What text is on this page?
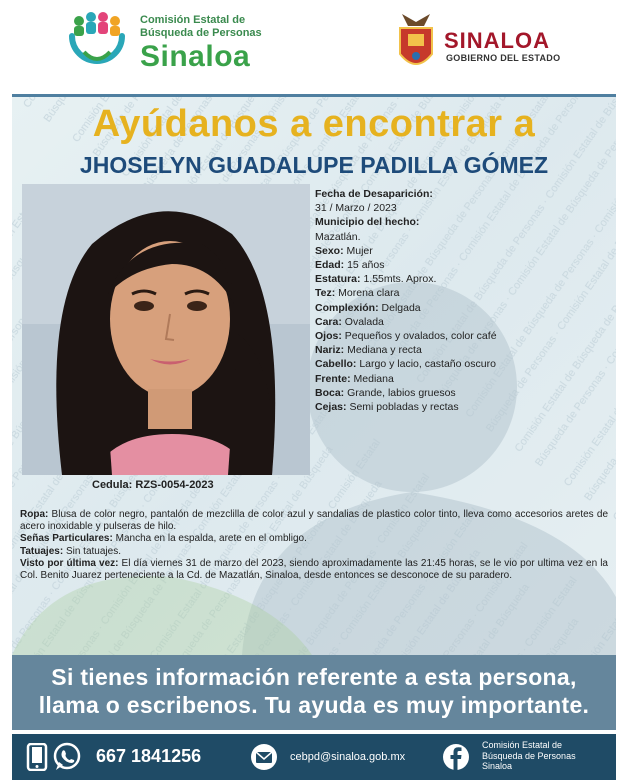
Comisión Estatal de
Búsqueda de Personas
Sinaloa	SINALOA
GOBIERNO DEL ESTADO
Ayúdanos a encontrar a
JHOSELYN GUADALUPE PADILLA GÓMEZ
Cedula: RZS-0054-2023
Fecha de Desaparición:
31 / Marzo / 2023
Municipio del hecho:
Mazatlán.
Sexo: Mujer
Edad: 15 años
Estatura: 1.55mts. Aprox.
Tez: Morena clara
Complexión: Delgada
Cara: Ovalada
Ojos: Pequeños y ovalados, color café
Nariz: Mediana y recta
Cabello: Largo y lacio, castaño oscuro
Frente: Mediana
Boca: Grande, labios gruesos
Cejas: Semi pobladas y rectas

Ropa: Blusa de color negro, pantalón de mezclilla de color azul y sandalias de plastico color tinto, lleva como accesorios aretes de acero inoxidable y pulseras de hilo.

Señas Particulares: Mancha en la espalda, arete en el ombligo.

Tatuajes: Sin tatuajes.

Visto por última vez: El día viernes 31 de marzo del 2023, siendo aproximadamente las 21:45 horas, se le vio por ultima vez en la Col. Benito Juarez perteneciente a la Cd. de Mazatlán, Sinaloa, desde entonces se desconoce de su paradero.

Si tienes información referente a esta persona,
llama o escribenos. Tu ayuda es muy importante.
667 1841256	cebpd@sinaloa.gob.mx
Comisión Estatal de
Búsqueda de Personas
Sinaloa
